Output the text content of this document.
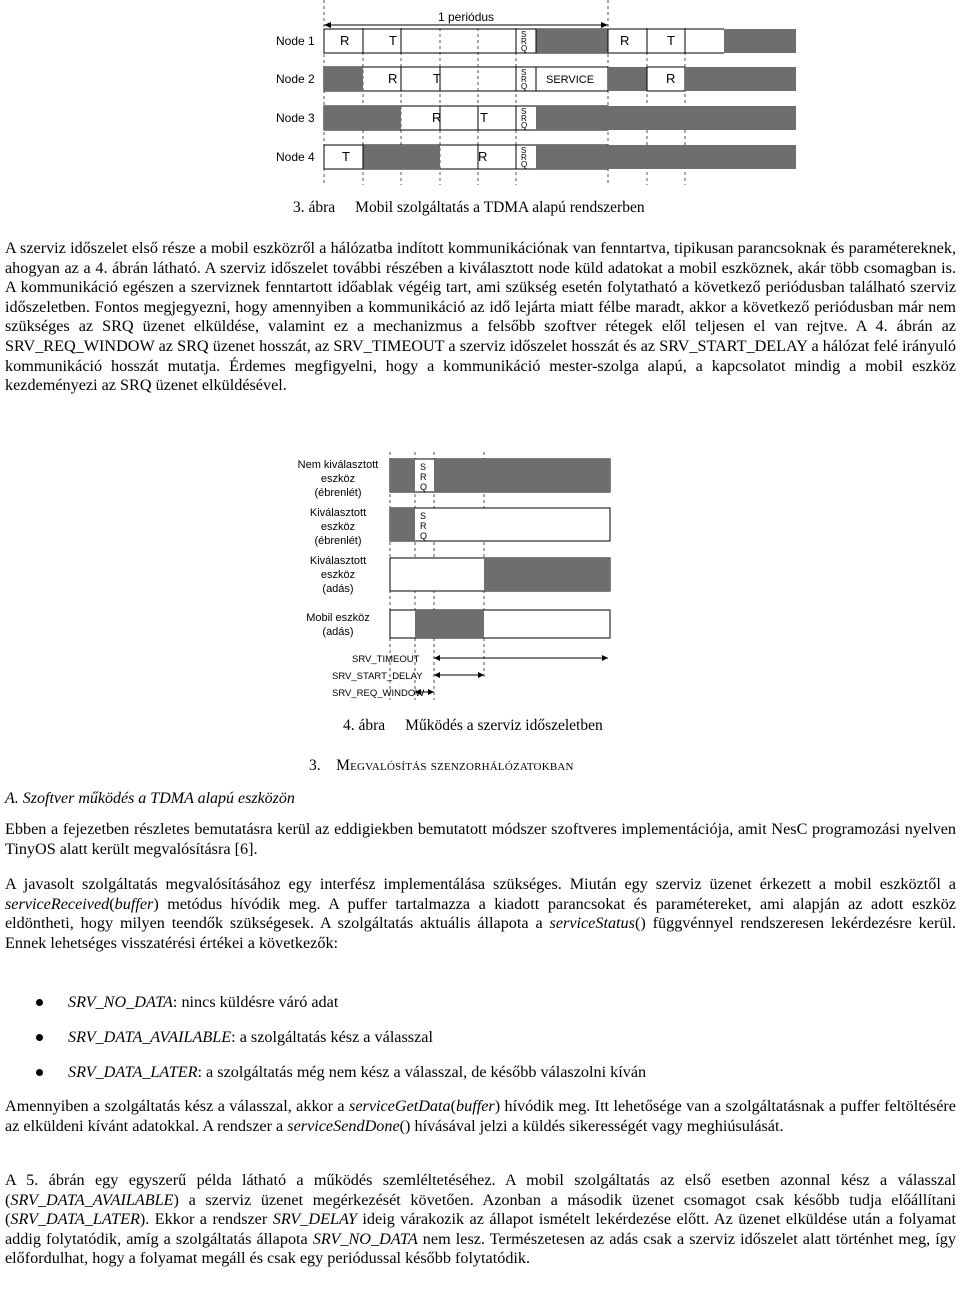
1 periódus
Node 1
Node 2
Node 3
Node 4
R	T	S
R
Q
R	T
R	T	S
R
Q
SERVICE	R
R	T	S
R
Q
T	R	S
R
Q
3. ábra Mobil szolgáltatás a TDMA alapú rendszerben

A szerviz időszelet első része a mobil eszközről a hálózatba indított kommunikációnak van fenntartva, tipikusan parancsoknak és paramétereknek, ahogyan az a 4. ábrán látható. A szerviz időszelet további részében a kiválasztott node küld adatokat a mobil eszköznek, akár több csomagban is. A kommunikáció egészen a szerviznek fenntartott időablak végéig tart, ami szükség esetén folytatható a következő periódusban található szerviz időszeletben. Fontos megjegyezni, hogy amennyiben a kommunikáció az idő lejárta miatt félbe maradt, akkor a következő periódusban már nem szükséges az SRQ üzenet elküldése, valamint ez a mechanizmus a felsőbb szoftver rétegek elől teljesen el van rejtve. A 4. ábrán az SRV_REQ_WINDOW az SRQ üzenet hosszát, az SRV_TIMEOUT a szerviz időszelet hosszát és az SRV_START_DELAY a hálózat felé irányuló kommunikáció hosszát mutatja. Érdemes megfigyelni, hogy a kommunikáció mester-szolga alapú, a kapcsolatot mindig a mobil eszköz kezdeményezi az SRQ üzenet elküldésével.

Nem kiválasztott
eszköz
(ébrenlét)
Kiválasztott
eszköz
(ébrenlét)
Kiválasztott
eszköz
(adás)
Mobil eszköz
(adás)
S
R
Q
S
R
Q
SRV_TIMEOUT
SRV_START_DELAY
SRV_REQ_WINDOW
4. ábra Működés a szerviz időszeletben
3. Megvalósítás szenzorhálózatokban
A. Szoftver működés a TDMA alapú eszközön

Ebben a fejezetben részletes bemutatásra kerül az eddigiekben bemutatott módszer szoftveres implementációja, amit NesC programozási nyelven TinyOS alatt került megvalósításra [6].

A javasolt szolgáltatás megvalósításához egy interfész implementálása szükséges. Miután egy szerviz üzenet érkezett a mobil eszköztől a serviceReceived(buffer) metódus hívódik meg. A puffer tartalmazza a kiadott parancsokat és paramétereket, ami alapján az adott eszköz eldöntheti, hogy milyen teendők szükségesek. A szolgáltatás aktuális állapota a serviceStatus() függvénnyel rendszeresen lekérdezésre kerül. Ennek lehetséges visszatérési értékei a következők:

SRV_NO_DATA: nincs küldésre váró adat
SRV_DATA_AVAILABLE: a szolgáltatás kész a válasszal
SRV_DATA_LATER: a szolgáltatás még nem kész a válasszal, de később válaszolni kíván

Amennyiben a szolgáltatás kész a válasszal, akkor a serviceGetData(buffer) hívódik meg. Itt lehetősége van a szolgáltatásnak a puffer feltöltésére az elküldeni kívánt adatokkal. A rendszer a serviceSendDone() hívásával jelzi a küldés sikerességét vagy meghiúsulását.

A 5. ábrán egy egyszerű példa látható a működés szemléltetéséhez. A mobil szolgáltatás az első esetben azonnal kész a válasszal (SRV_DATA_AVAILABLE) a szerviz üzenet megérkezését követően. Azonban a második üzenet csomagot csak később tudja előállítani (SRV_DATA_LATER). Ekkor a rendszer SRV_DELAY ideig várakozik az állapot ismételt lekérdezése előtt. Az üzenet elküldése után a folyamat addig folytatódik, amíg a szolgáltatás állapota SRV_NO_DATA nem lesz. Természetesen az adás csak a szerviz időszelet alatt történhet meg, így előfordulhat, hogy a folyamat megáll és csak egy periódussal később folytatódik.
